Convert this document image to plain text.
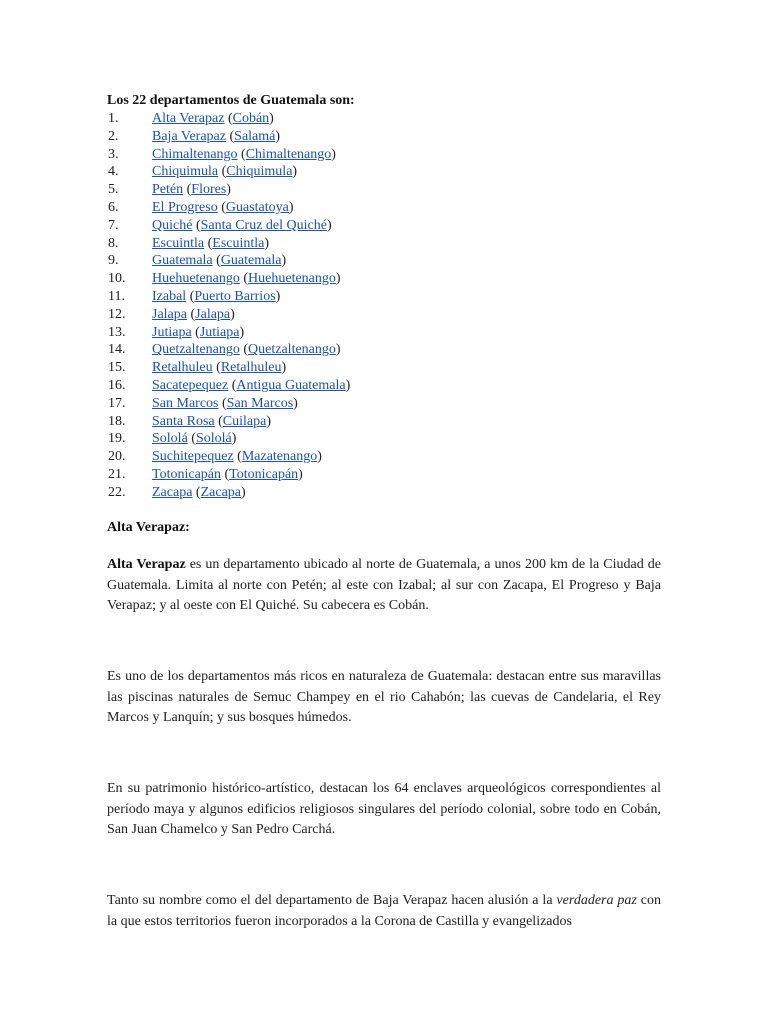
Los 22 departamentos de Guatemala son:
1. Alta Verapaz (Cobán)
2. Baja Verapaz (Salamá)
3. Chimaltenango (Chimaltenango)
4. Chiquimula (Chiquimula)
5. Petén (Flores)
6. El Progreso (Guastatoya)
7. Quiché (Santa Cruz del Quiché)
8. Escuintla (Escuintla)
9. Guatemala (Guatemala)
10. Huehuetenango (Huehuetenango)
11. Izabal (Puerto Barrios)
12. Jalapa (Jalapa)
13. Jutiapa (Jutiapa)
14. Quetzaltenango (Quetzaltenango)
15. Retalhuleu (Retalhuleu)
16. Sacatepequez (Antigua Guatemala)
17. San Marcos (San Marcos)
18. Santa Rosa (Cuilapa)
19. Sololá (Sololá)
20. Suchitepequez (Mazatenango)
21. Totonicapán (Totonicapán)
22. Zacapa (Zacapa)
Alta Verapaz:

Alta Verapaz es un departamento ubicado al norte de Guatemala, a unos 200 km de la Ciudad de Guatemala. Limita al norte con Petén; al este con Izabal; al sur con Zacapa, El Progreso y Baja Verapaz; y al oeste con El Quiché. Su cabecera es Cobán.

Es uno de los departamentos más ricos en naturaleza de Guatemala: destacan entre sus maravillas las piscinas naturales de Semuc Champey en el rio Cahabón; las cuevas de Candelaria, el Rey Marcos y Lanquín; y sus bosques húmedos.

En su patrimonio histórico-artístico, destacan los 64 enclaves arqueológicos correspondientes al período maya y algunos edificios religiosos singulares del período colonial, sobre todo en Cobán, San Juan Chamelco y San Pedro Carchá.

Tanto su nombre como el del departamento de Baja Verapaz hacen alusión a la verdadera paz con la que estos territorios fueron incorporados a la Corona de Castilla y evangelizados
